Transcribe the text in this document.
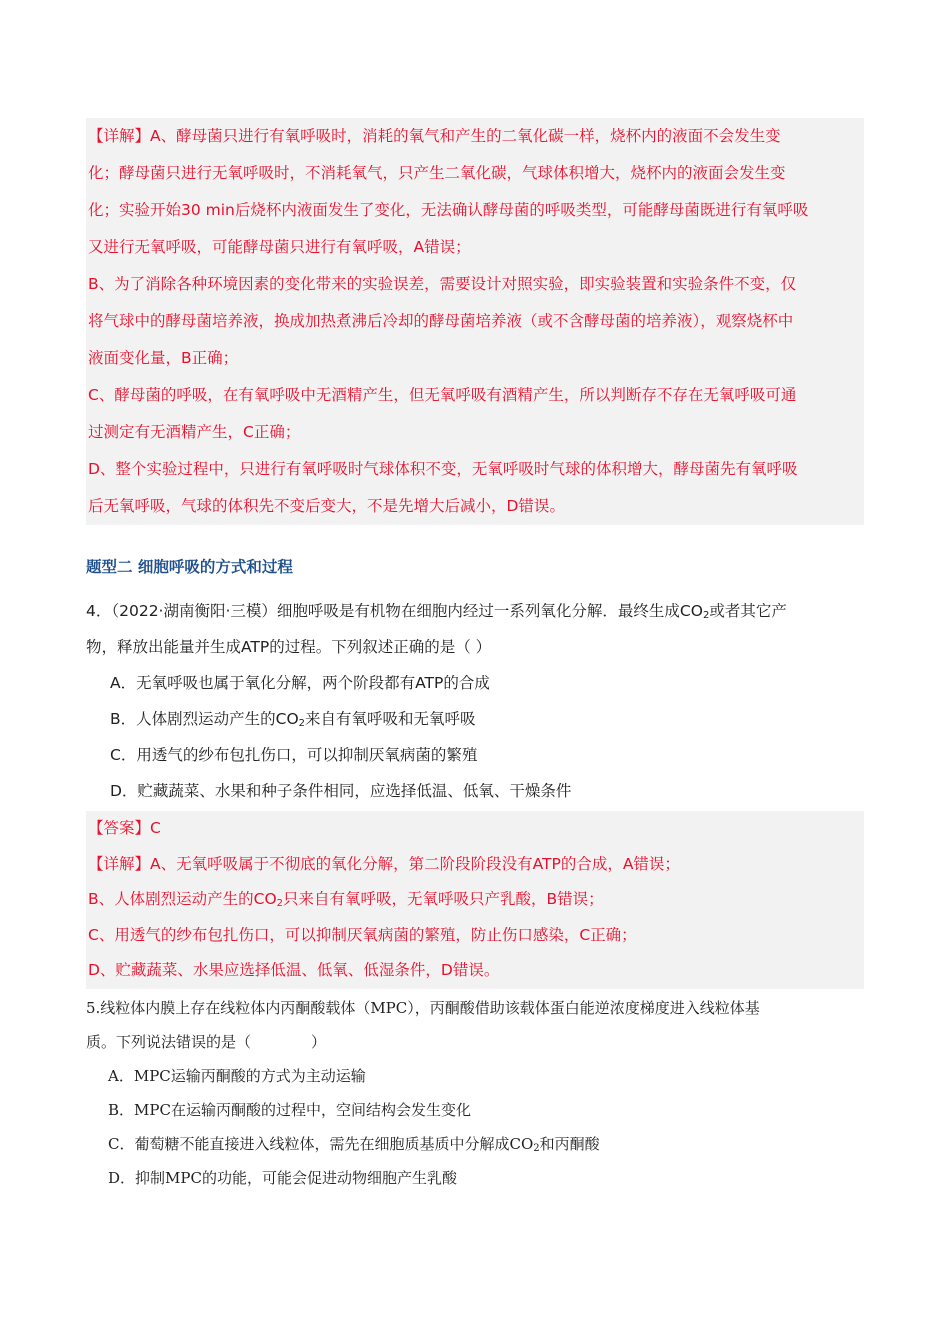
【详解】A、酵母菌只进行有氧呼吸时，消耗的氧气和产生的二氧化碳一样，烧杯内的液面不会发生变
化；酵母菌只进行无氧呼吸时，不消耗氧气，只产生二氧化碳，气球体积增大，烧杯内的液面会发生变
化；实验开始30 min后烧杯内液面发生了变化，无法确认酵母菌的呼吸类型，可能酵母菌既进行有氧呼吸
又进行无氧呼吸，可能酵母菌只进行有氧呼吸，A错误；
B、为了消除各种环境因素的变化带来的实验误差，需要设计对照实验，即实验装置和实验条件不变，仅
将气球中的酵母菌培养液，换成加热煮沸后冷却的酵母菌培养液（或不含酵母菌的培养液），观察烧杯中
液面变化量，B正确；
C、酵母菌的呼吸，在有氧呼吸中无酒精产生，但无氧呼吸有酒精产生，所以判断存不存在无氧呼吸可通
过测定有无酒精产生，C正确；
D、整个实验过程中，只进行有氧呼吸时气球体积不变，无氧呼吸时气球的体积增大，酵母菌先有氧呼吸
后无氧呼吸，气球的体积先不变后变大，不是先增大后减小，D错误。
题型二 细胞呼吸的方式和过程
4．（2022·湖南衡阳·三模）细胞呼吸是有机物在细胞内经过一系列氧化分解．最终生成$CO_2$或者其它产
物，释放出能量并生成ATP的过程。下列叙述正确的是（ ）
A．无氧呼吸也属于氧化分解，两个阶段都有ATP的合成
B．人体剧烈运动产生的$CO_2$来自有氧呼吸和无氧呼吸
C．用透气的纱布包扎伤口，可以抑制厌氧病菌的繁殖
D．贮藏蔬菜、水果和种子条件相同，应选择低温、低氧、干燥条件
【答案】C
【详解】A、无氧呼吸属于不彻底的氧化分解，第二阶段阶段没有ATP的合成，A错误；
B、人体剧烈运动产生的$CO_2$只来自有氧呼吸，无氧呼吸只产乳酸，B错误；
C、用透气的纱布包扎伤口，可以抑制厌氧病菌的繁殖，防止伤口感染，C正确；
D、贮藏蔬菜、水果应选择低温、低氧、低湿条件，D错误。
5.线粒体内膜上存在线粒体内丙酮酸载体（MPC），丙酮酸借助该载体蛋白能逆浓度梯度进入线粒体基
质。下列说法错误的是（	）
A．MPC运输丙酮酸的方式为主动运输
B．MPC在运输丙酮酸的过程中，空间结构会发生变化
C．葡萄糖不能直接进入线粒体，需先在细胞质基质中分解成$CO_2$和丙酮酸
D．抑制MPC的功能，可能会促进动物细胞产生乳酸
